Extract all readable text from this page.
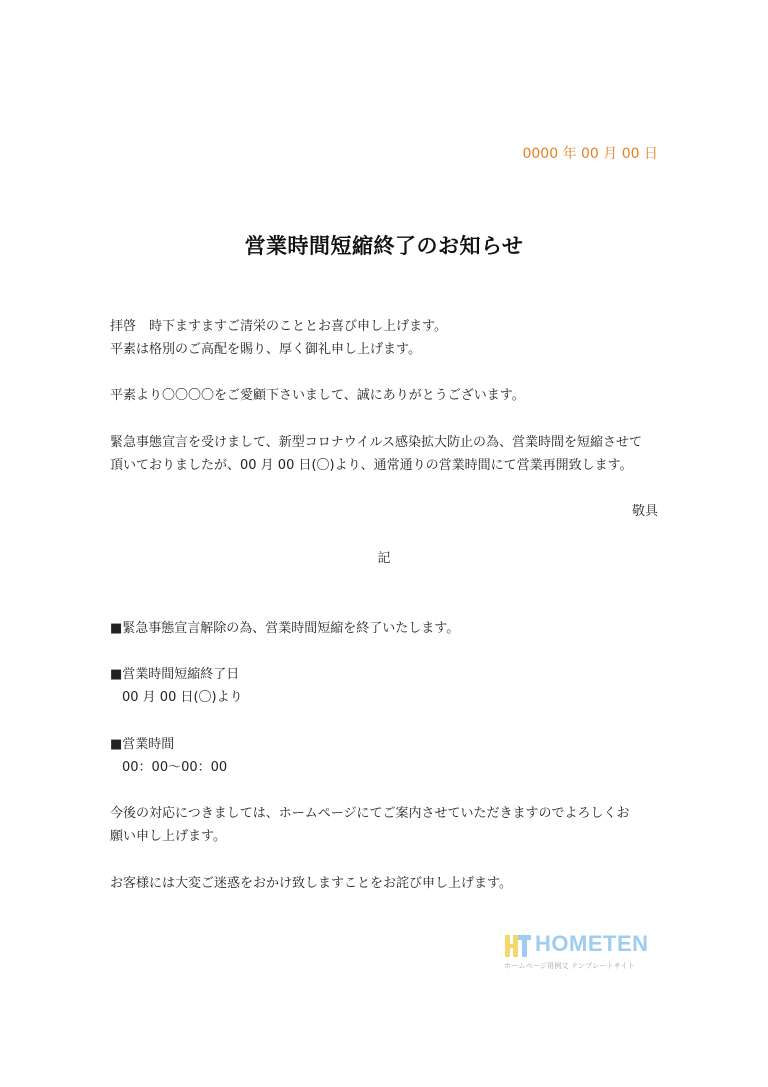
0000 年 00 月 00 日
営業時間短縮終了のお知らせ
拝啓　時下ますますご清栄のこととお喜び申し上げます。
平素は格別のご高配を賜り、厚く御礼申し上げます。
平素より〇〇〇〇をご愛顧下さいまして、誠にありがとうございます。
緊急事態宣言を受けまして、新型コロナウイルス感染拡大防止の為、営業時間を短縮させて
頂いておりましたが、00 月 00 日(〇)より、通常通りの営業時間にて営業再開致します。
敬具
記
■緊急事態宣言解除の為、営業時間短縮を終了いたします。
■営業時間短縮終了日
00 月 00 日(〇)より
■営業時間
00：00〜00：00
今後の対応につきましては、ホームページにてご案内させていただきますのでよろしくお
願い申し上げます。
お客様には大変ご迷惑をおかけ致しますことをお詫び申し上げます。
HOMETEN
ホームページ用例文 テンプレートサイト
